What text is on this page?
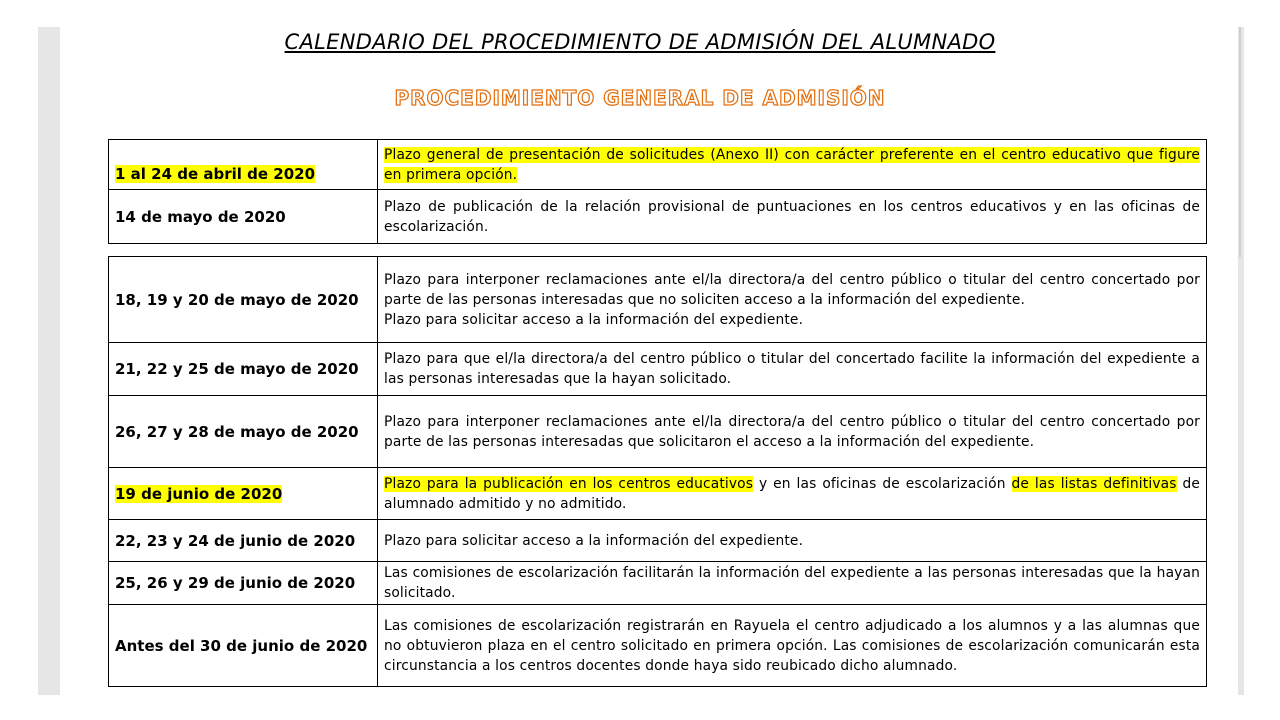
CALENDARIO DEL PROCEDIMIENTO DE ADMISIÓN DEL ALUMNADO
PROCEDIMIENTO GENERAL DE ADMISIÓN
1 al 24 de abril de 2020	Plazo general de presentación de solicitudes (Anexo II) con carácter preferente en el centro educativo que figure en primera opción.
14 de mayo de 2020	Plazo de publicación de la relación provisional de puntuaciones en los centros educativos y en las oficinas de escolarización.
18, 19 y 20 de mayo de 2020	Plazo para interponer reclamaciones ante el/la directora/a del centro público o titular del centro concertado por parte de las personas interesadas que no soliciten acceso a la información del expediente.
Plazo para solicitar acceso a la información del expediente.

21, 22 y 25 de mayo de 2020	Plazo para que el/la directora/a del centro público o titular del concertado facilite la información del expediente a las personas interesadas que la hayan solicitado.
26, 27 y 28 de mayo de 2020	Plazo para interponer reclamaciones ante el/la directora/a del centro público o titular del centro concertado por parte de las personas interesadas que solicitaron el acceso a la información del expediente.
19 de junio de 2020	Plazo para la publicación en los centros educativos y en las oficinas de escolarización de las listas definitivas de alumnado admitido y no admitido.
22, 23 y 24 de junio de 2020	Plazo para solicitar acceso a la información del expediente.
25, 26 y 29 de junio de 2020	Las comisiones de escolarización facilitarán la información del expediente a las personas interesadas que la hayan solicitado.
Antes del 30 de junio de 2020	Las comisiones de escolarización registrarán en Rayuela el centro adjudicado a los alumnos y a las alumnas que no obtuvieron plaza en el centro solicitado en primera opción. Las comisiones de escolarización comunicarán esta circunstancia a los centros docentes donde haya sido reubicado dicho alumnado.
